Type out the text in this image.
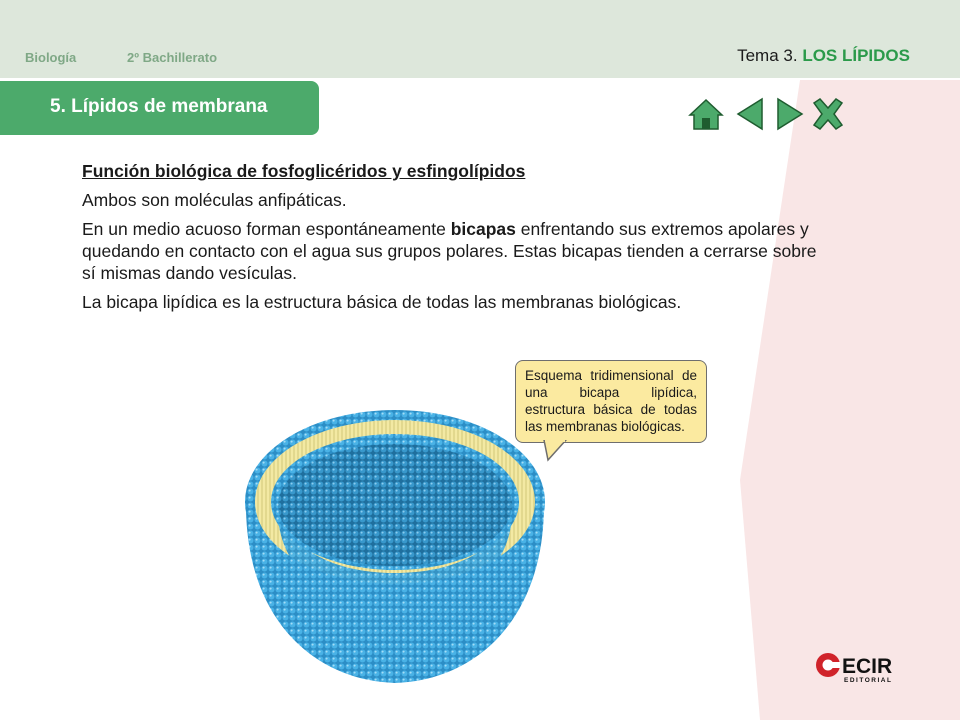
Biología	2º Bachillerato	Tema 3. LOS LÍPIDOS
5. Lípidos de membrana
Función biológica de fosfoglicéridos y esfingolípidos

Ambos son moléculas anfipáticas.

En un medio acuoso forman espontáneamente bicapas enfrentando sus extremos apolares y quedando en contacto con el agua sus grupos polares. Estas bicapas tienden a cerrarse sobre sí mismas dando vesículas.

La bicapa lipídica es la estructura básica de todas las membranas biológicas.

Esquema tridimensional de una bicapa lipídica, estructura básica de todas las membranas biológicas.
ECIR
EDITORIAL
